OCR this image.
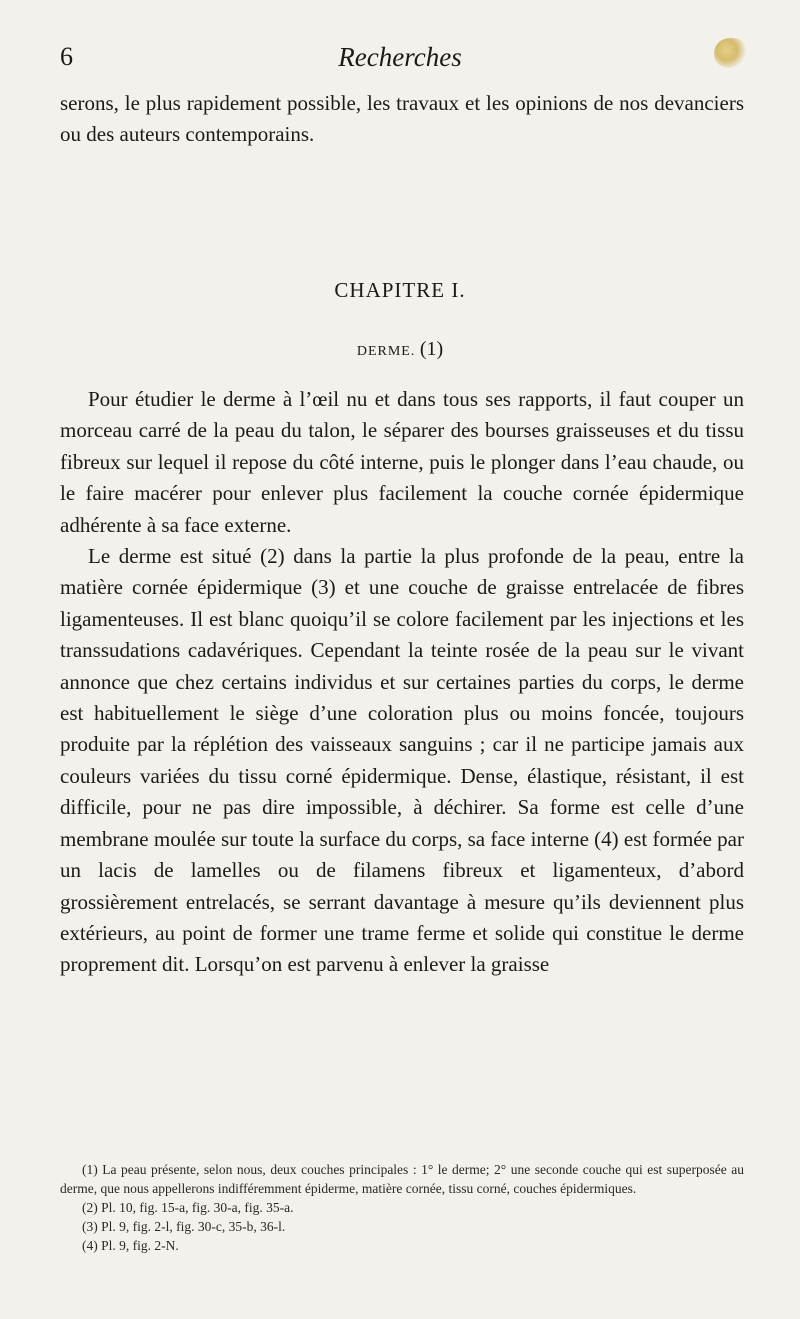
6	Recherches

serons, le plus rapidement possible, les travaux et les opinions de nos devanciers ou des auteurs contemporains.

CHAPITRE I.
DERME. (1)

Pour étudier le derme à l’œil nu et dans tous ses rapports, il faut couper un morceau carré de la peau du talon, le séparer des bourses graisseuses et du tissu fibreux sur lequel il repose du côté interne, puis le plonger dans l’eau chaude, ou le faire macérer pour enlever plus facilement la couche cornée épidermique adhérente à sa face externe.

Le derme est situé (2) dans la partie la plus profonde de la peau, entre la matière cornée épidermique (3) et une couche de graisse entrelacée de fibres ligamenteuses. Il est blanc quoiqu’il se colore facilement par les injections et les transsudations cadavériques. Cependant la teinte rosée de la peau sur le vivant annonce que chez certains individus et sur certaines parties du corps, le derme est habituellement le siège d’une coloration plus ou moins foncée, toujours produite par la réplétion des vaisseaux sanguins ; car il ne participe jamais aux couleurs variées du tissu corné épidermique. Dense, élastique, résistant, il est difficile, pour ne pas dire impossible, à déchirer. Sa forme est celle d’une membrane moulée sur toute la surface du corps, sa face interne (4) est formée par un lacis de lamelles ou de filamens fibreux et ligamenteux, d’abord grossièrement entrelacés, se serrant davantage à mesure qu’ils deviennent plus extérieurs, au point de former une trame ferme et solide qui constitue le derme proprement dit. Lorsqu’on est parvenu à enlever la graisse

(1) La peau présente, selon nous, deux couches principales : 1° le derme; 2° une seconde couche qui est superposée au derme, que nous appellerons indifféremment épiderme, matière cornée, tissu corné, couches épidermiques.

(2) Pl. 10, fig. 15-a, fig. 30-a, fig. 35-a.

(3) Pl. 9, fig. 2-l, fig. 30-c, 35-b, 36-l.

(4) Pl. 9, fig. 2-N.
